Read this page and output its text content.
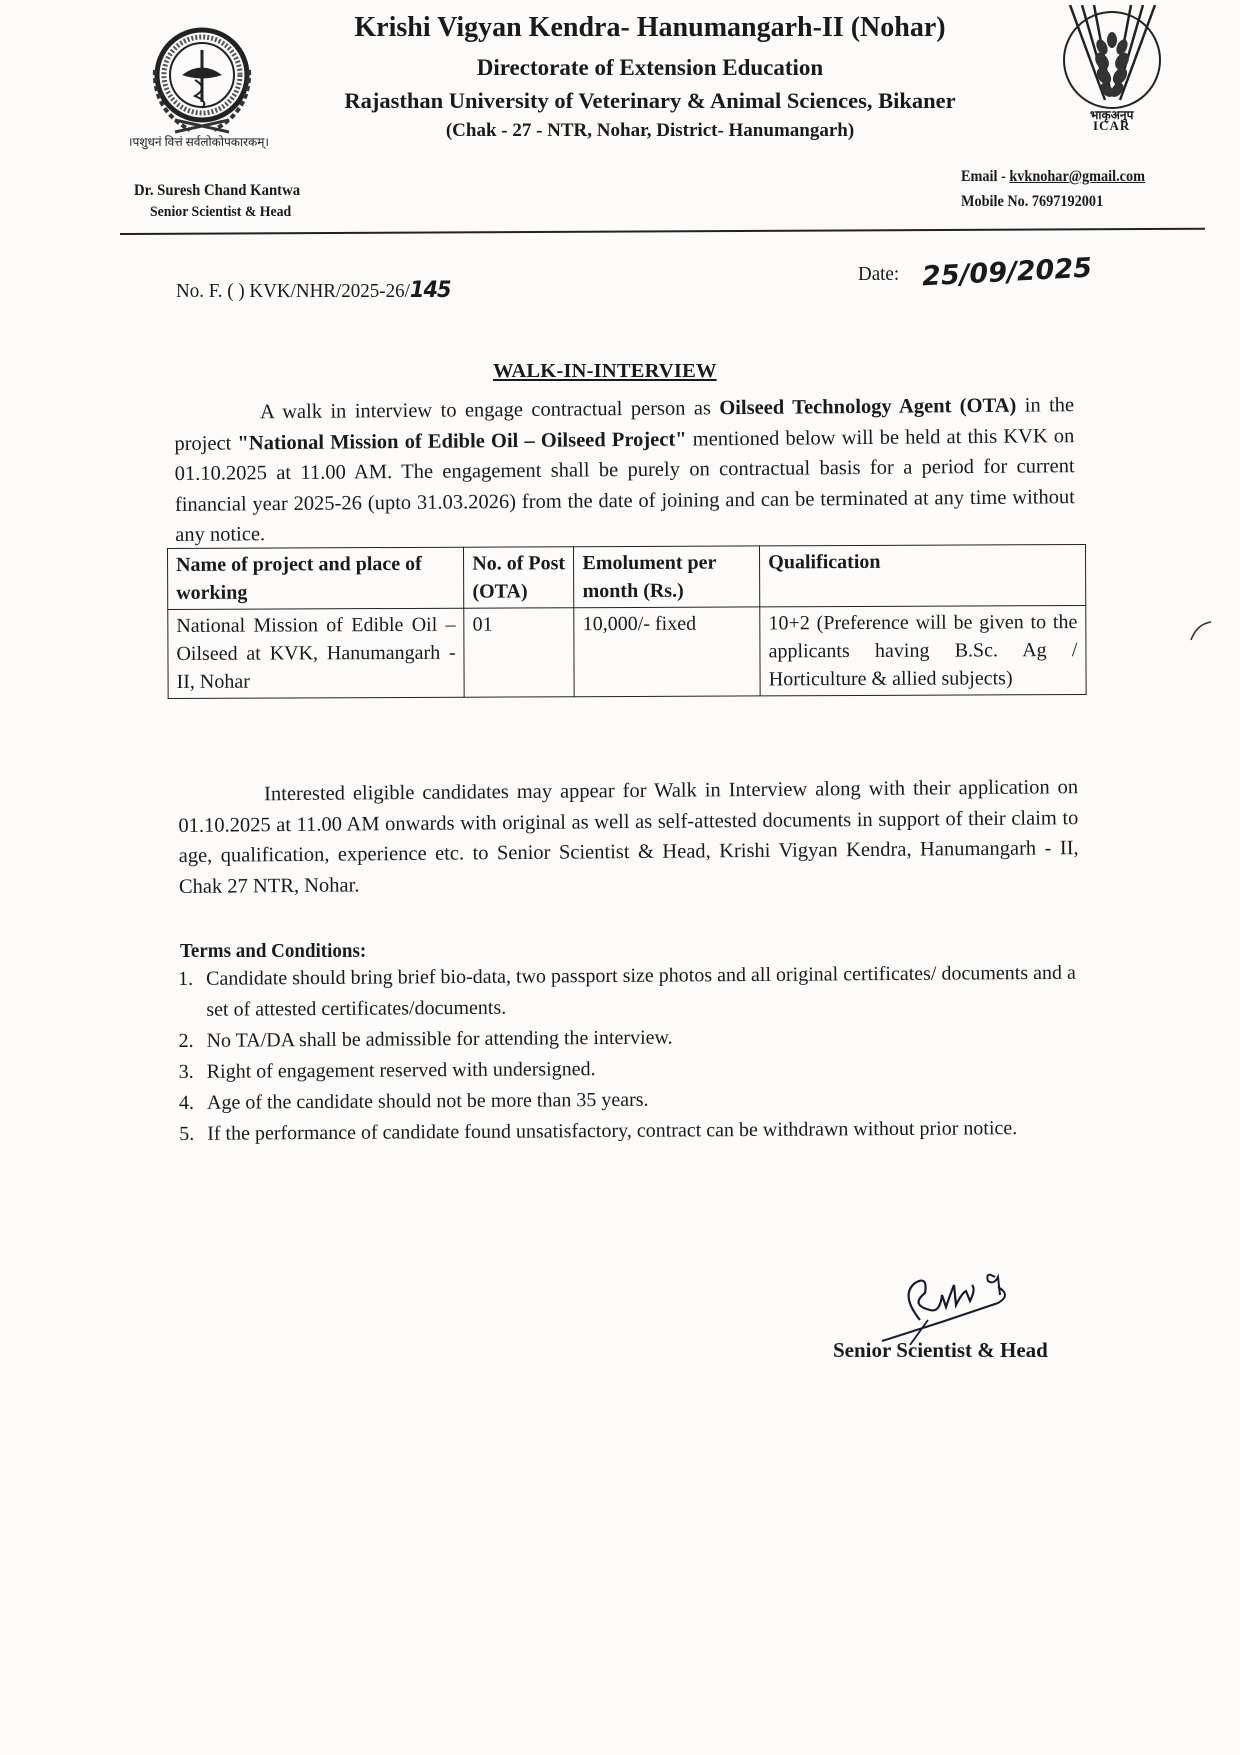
।पशुधनं वित्तं सर्वलोकोपकारकम्।
Krishi Vigyan Kendra- Hanumangarh-II (Nohar)
Directorate of Extension Education
Rajasthan University of Veterinary & Animal Sciences, Bikaner
(Chak - 27 - NTR, Nohar, District- Hanumangarh)
भाकृअनुप
ICAR
Dr. Suresh Chand Kantwa
Senior Scientist & Head
Email - kvknohar@gmail.com
Mobile No. 7697192001
No. F. ( ) KVK/NHR/2025-26/145
Date: 25/09/2025
WALK-IN-INTERVIEW
A walk in interview to engage contractual person as Oilseed Technology Agent (OTA) in the project "National Mission of Edible Oil – Oilseed Project" mentioned below will be held at this KVK on 01.10.2025 at 11.00 AM. The engagement shall be purely on contractual basis for a period for current financial year 2025-26 (upto 31.03.2026) from the date of joining and can be terminated at any time without any notice.
Name of project and place of working	No. of Post (OTA)	Emolument per month (Rs.)	Qualification
National Mission of Edible Oil – Oilseed at KVK, Hanumangarh - II, Nohar	01	10,000/- fixed	10+2 (Preference will be given to the applicants having B.Sc. Ag / Horticulture & allied subjects)
Interested eligible candidates may appear for Walk in Interview along with their application on 01.10.2025 at 11.00 AM onwards with original as well as self-attested documents in support of their claim to age, qualification, experience etc. to Senior Scientist & Head, Krishi Vigyan Kendra, Hanumangarh - II, Chak 27 NTR, Nohar.
Terms and Conditions:
1. Candidate should bring brief bio-data, two passport size photos and all original certificates/ documents and a set of attested certificates/documents.
2. No TA/DA shall be admissible for attending the interview.
3. Right of engagement reserved with undersigned.
4. Age of the candidate should not be more than 35 years.
5. If the performance of candidate found unsatisfactory, contract can be withdrawn without prior notice.
Senior Scientist & Head
